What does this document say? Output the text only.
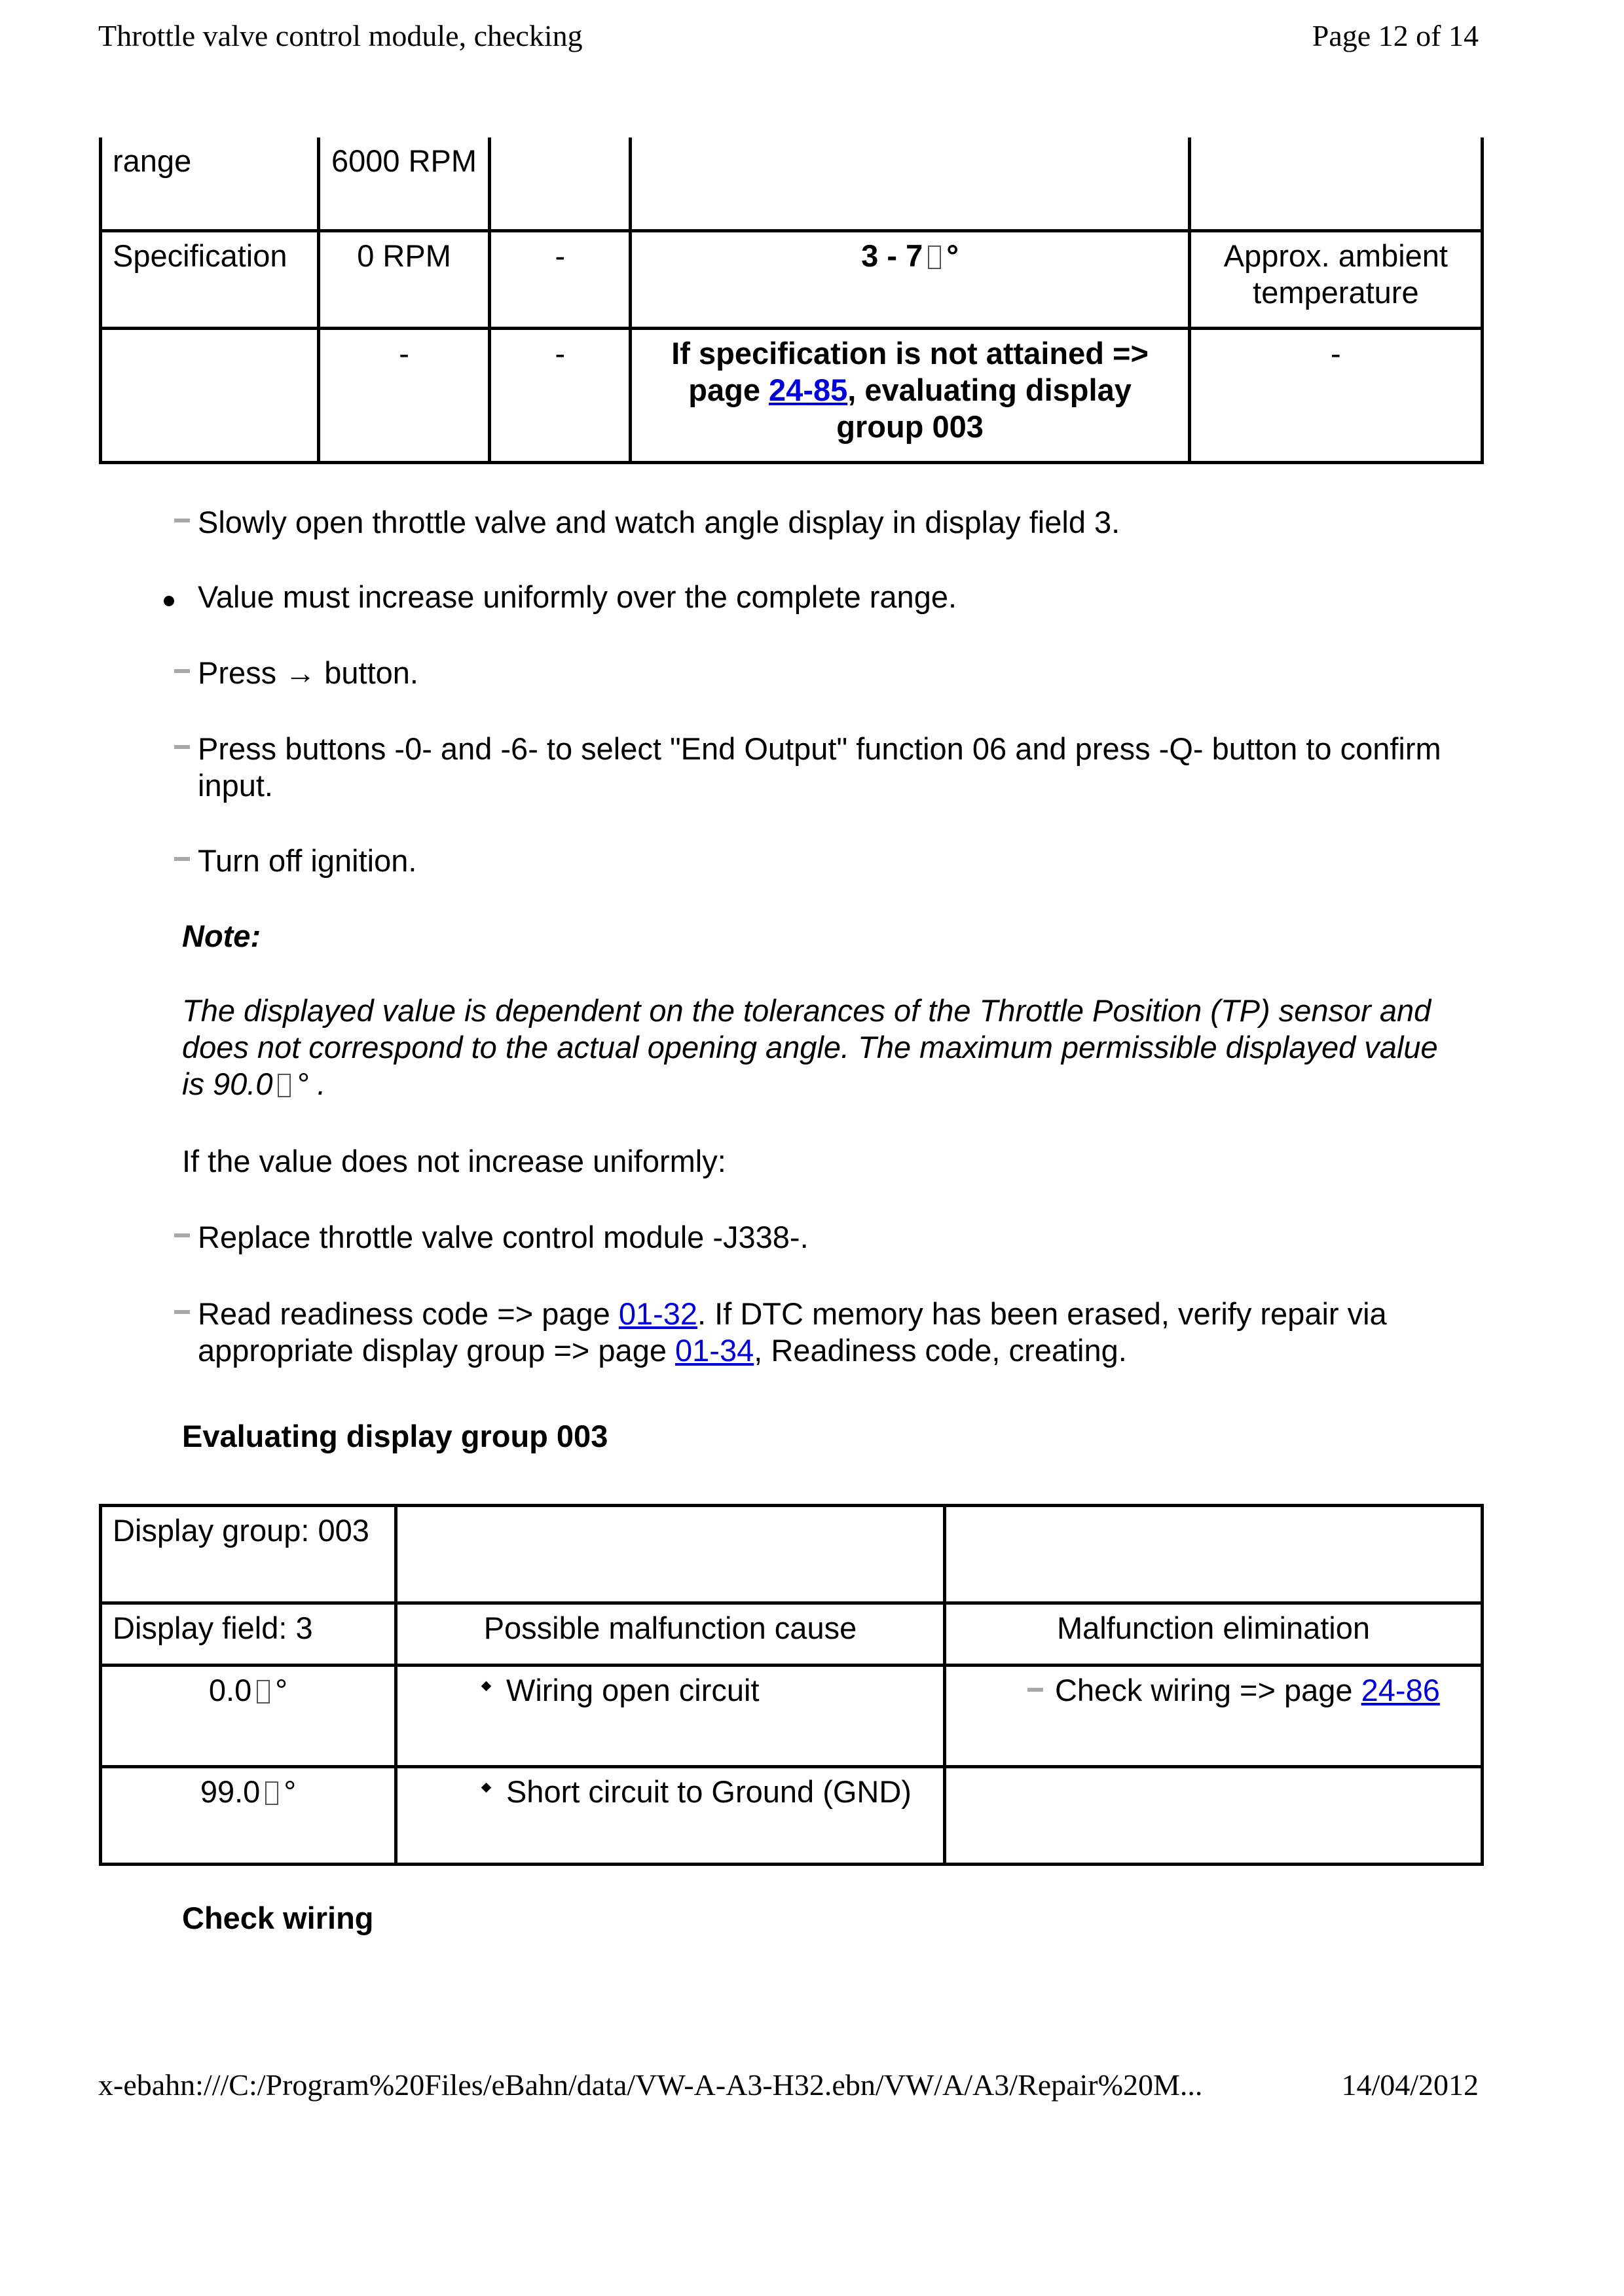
Throttle valve control module, checking	Page 12 of 14
range	6000 RPM			
Specification	0 RPM	-	3 - 7 °	Approx. ambient temperature
	-	-	If specification is not attained => page 24-85, evaluating display group 003	-
Slowly open throttle valve and watch angle display in display field 3.
Value must increase uniformly over the complete range.
Press → button.
Press buttons -0- and -6- to select "End Output" function 06 and press -Q- button to confirm input.
Turn off ignition.
Note:
The displayed value is dependent on the tolerances of the Throttle Position (TP) sensor and does not correspond to the actual opening angle. The maximum permissible displayed value is 90.0 ° .
If the value does not increase uniformly:
Replace throttle valve control module -J338-.
Read readiness code => page 01-32. If DTC memory has been erased, verify repair via appropriate display group => page 01-34, Readiness code, creating.
Evaluating display group 003
Display group: 003		
Display field: 3	Possible malfunction cause	Malfunction elimination
0.0 °	Wiring open circuit	Check wiring => page 24-86

99.0 °	Short circuit to Ground (GND)	

Check wiring
x-ebahn:///C:/Program%20Files/eBahn/data/VW-A-A3-H32.ebn/VW/A/A3/Repair%20M...	14/04/2012
